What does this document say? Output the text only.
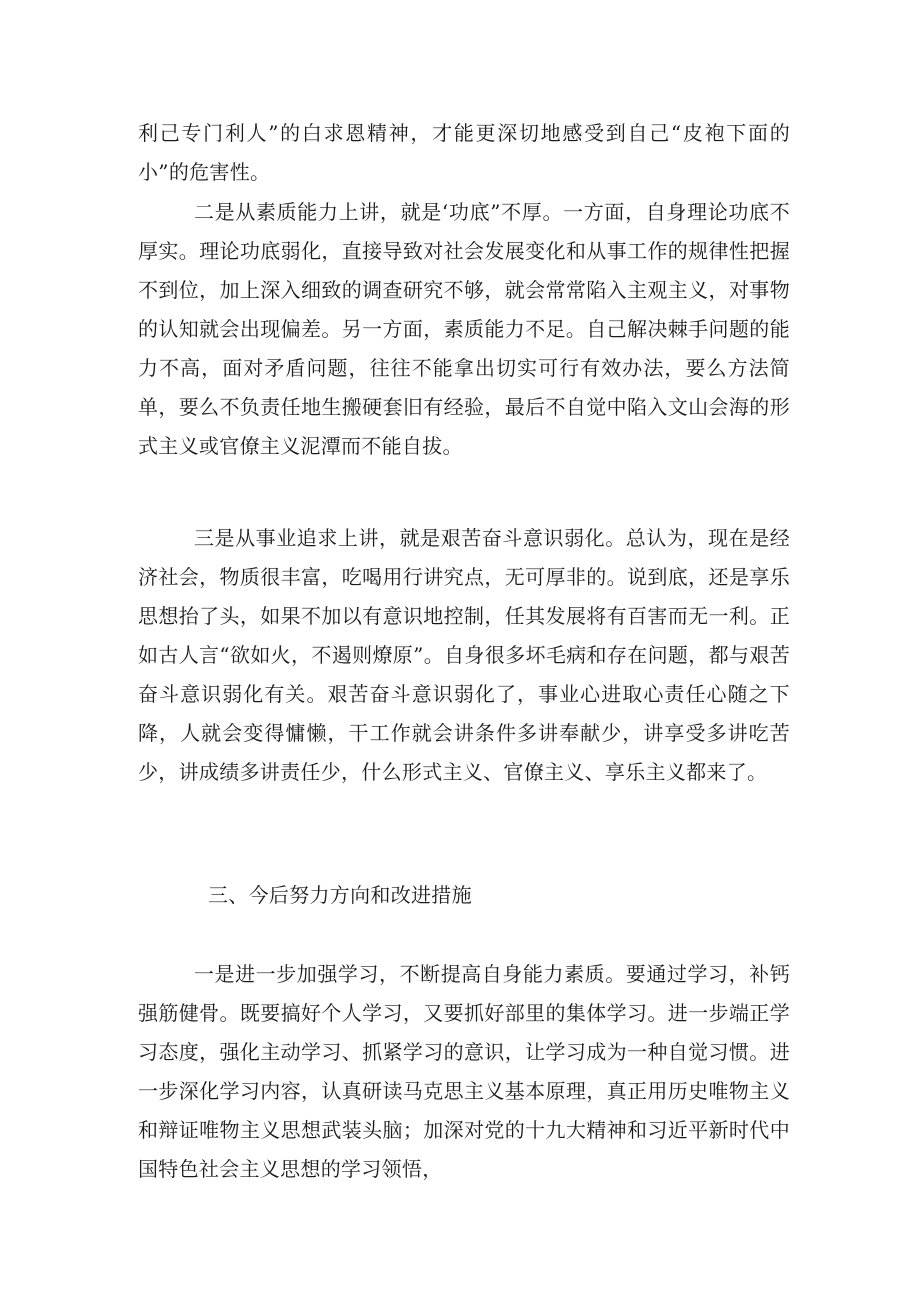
利己专门利人”的白求恩精神，才能更深切地感受到自己“皮袍下面的小”的危害性。

二是从素质能力上讲，就是‘功底”不厚。一方面，自身理论功底不厚实。理论功底弱化，直接导致对社会发展变化和从事工作的规律性把握不到位，加上深入细致的调查研究不够，就会常常陷入主观主义，对事物的认知就会出现偏差。另一方面，素质能力不足。自己解决棘手问题的能力不高，面对矛盾问题，往往不能拿出切实可行有效办法，要么方法简单，要么不负责任地生搬硬套旧有经验，最后不自觉中陷入文山会海的形式主义或官僚主义泥潭而不能自拔。

三是从事业追求上讲，就是艰苦奋斗意识弱化。总认为，现在是经济社会，物质很丰富，吃喝用行讲究点，无可厚非的。说到底，还是享乐思想抬了头，如果不加以有意识地控制，任其发展将有百害而无一利。正如古人言“欲如火，不遏则燎原”。自身很多坏毛病和存在问题，都与艰苦奋斗意识弱化有关。艰苦奋斗意识弱化了，事业心进取心责任心随之下降，人就会变得慵懒，干工作就会讲条件多讲奉献少，讲享受多讲吃苦少，讲成绩多讲责任少，什么形式主义、官僚主义、享乐主义都来了。

三、今后努力方向和改进措施

一是进一步加强学习，不断提高自身能力素质。要通过学习，补钙强筋健骨。既要搞好个人学习，又要抓好部里的集体学习。进一步端正学习态度，强化主动学习、抓紧学习的意识，让学习成为一种自觉习惯。进一步深化学习内容，认真研读马克思主义基本原理，真正用历史唯物主义和辩证唯物主义思想武装头脑；加深对党的十九大精神和习近平新时代中国特色社会主义思想的学习领悟，
